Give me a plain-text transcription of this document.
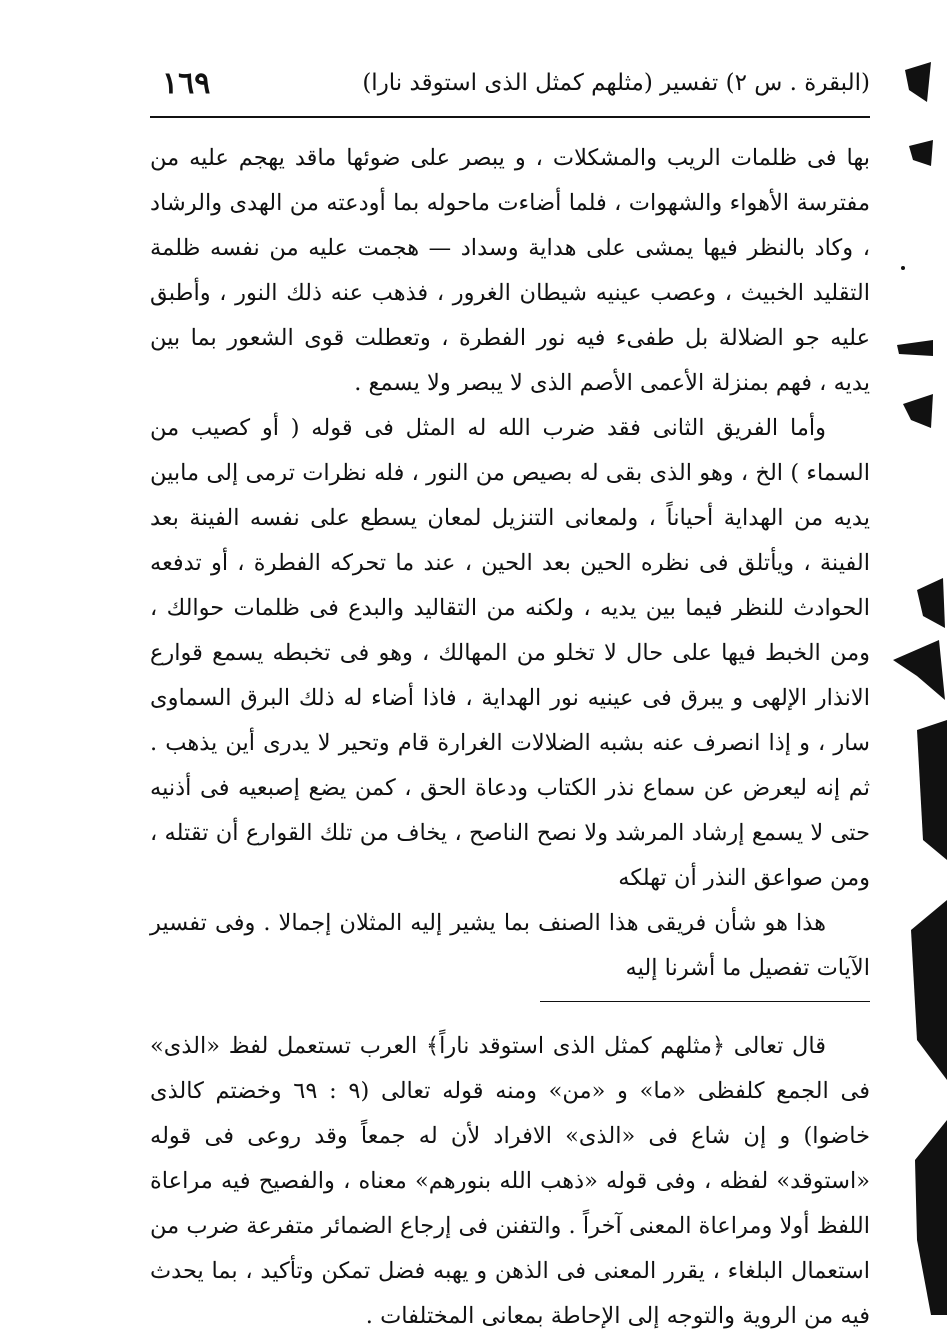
(البقرة . س ٢) تفسير (مثلهم كمثل الذى استوقد نارا)
١٦٩

بها فى ظلمات الريب والمشكلات ، و يبصر على ضوئها ماقد يهجم عليه من مفترسة الأهواء والشهوات ، فلما أضاءت ماحوله بما أودعته من الهدى والرشاد ، وكاد بالنظر فيها يمشى على هداية وسداد — هجمت عليه من نفسه ظلمة التقليد الخبيث ، وعصب عينيه شيطان الغرور ، فذهب عنه ذلك النور ، وأطبق عليه جو الضلالة بل طفىء فيه نور الفطرة ، وتعطلت قوى الشعور بما بين يديه ، فهم بمنزلة الأعمى الأصم الذى لا يبصر ولا يسمع .

وأما الفريق الثانى فقد ضرب الله له المثل فى قوله ( أو كصيب من السماء ) الخ ، وهو الذى بقى له بصيص من النور ، فله نظرات ترمى إلى مابين يديه من الهداية أحياناً ، ولمعانى التنزيل لمعان يسطع على نفسه الفينة بعد الفينة ، ويأتلق فى نظره الحين بعد الحين ، عند ما تحركه الفطرة ، أو تدفعه الحوادث للنظر فيما بين يديه ، ولكنه من التقاليد والبدع فى ظلمات حوالك ، ومن الخبط فيها على حال لا تخلو من المهالك ، وهو فى تخبطه يسمع قوارع الانذار الإلهى و يبرق فى عينيه نور الهداية ، فاذا أضاء له ذلك البرق السماوى سار ، و إذا انصرف عنه بشبه الضلالات الغرارة قام وتحير لا يدرى أين يذهب . ثم إنه ليعرض عن سماع نذر الكتاب ودعاة الحق ، كمن يضع إصبعيه فى أذنيه حتى لا يسمع إرشاد المرشد ولا نصح الناصح ، يخاف من تلك القوارع أن تقتله ، ومن صواعق النذر أن تهلكه

هذا هو شأن فريقى هذا الصنف بما يشير إليه المثلان إجمالا . وفى تفسير الآيات تفصيل ما أشرنا إليه

قال تعالى ﴿مثلهم كمثل الذى استوقد ناراً﴾ العرب تستعمل لفظ «الذى» فى الجمع كلفظى «ما» و «من» ومنه قوله تعالى (٩ : ٦٩ وخضتم كالذى خاضوا) و إن شاع فى «الذى» الافراد لأن له جمعاً وقد روعى فى قوله «استوقد» لفظه ، وفى قوله «ذهب الله بنورهم» معناه ، والفصيح فيه مراعاة اللفظ أولا ومراعاة المعنى آخراً . والتفنن فى إرجاع الضمائر متفرعة ضرب من استعمال البلغاء ، يقرر المعنى فى الذهن و يهبه فضل تمكن وتأكيد ، بما يحدث فيه من الروية والتوجه إلى الإحاطة بمعانى المختلفات .
